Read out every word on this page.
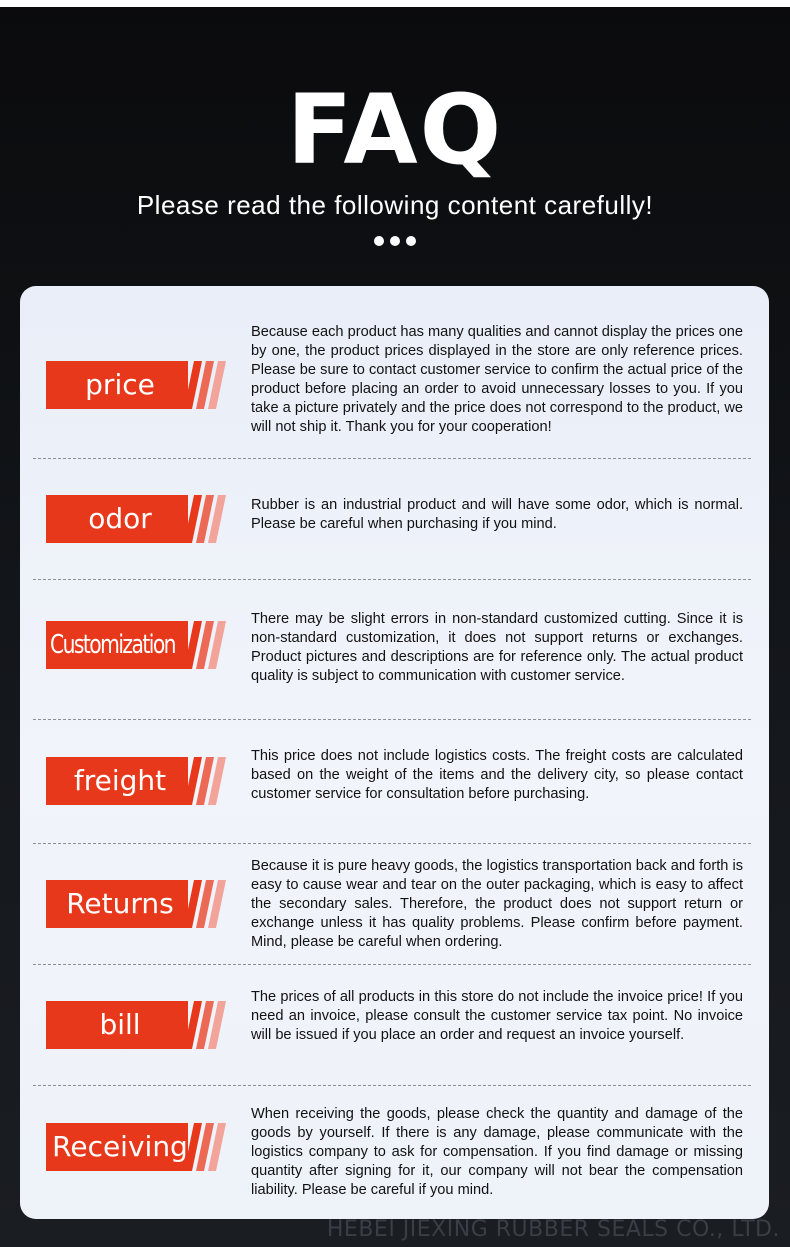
FAQ
Please read the following content carefully!

price
Because each product has many qualities and cannot display the prices one by one, the product prices displayed in the store are only reference prices. Please be sure to contact customer service to confirm the actual price of the product before placing an order to avoid unnecessary losses to you. If you take a picture privately and the price does not correspond to the product, we will not ship it. Thank you for your cooperation!
odor	Rubber is an industrial product and will have some odor, which is normal. Please be careful when purchasing if you mind.
Customization
There may be slight errors in non-standard customized cutting. Since it is non-standard customization, it does not support returns or exchanges. Product pictures and descriptions are for reference only. The actual product quality is subject to communication with customer service.
freight
This price does not include logistics costs. The freight costs are calculated based on the weight of the items and the delivery city, so please contact customer service for consultation before purchasing.
Returns
Because it is pure heavy goods, the logistics transportation back and forth is easy to cause wear and tear on the outer packaging, which is easy to affect the secondary sales. Therefore, the product does not support return or exchange unless it has quality problems. Please confirm before payment. Mind, please be careful when ordering.
bill
The prices of all products in this store do not include the invoice price! If you need an invoice, please consult the customer service tax point. No invoice will be issued if you place an order and request an invoice yourself.
Receiving
When receiving the goods, please check the quantity and damage of the goods by yourself. If there is any damage, please communicate with the logistics company to ask for compensation. If you find damage or missing quantity after signing for it, our company will not bear the compensation liability. Please be careful if you mind.
HEBEI JIEXING RUBBER SEALS CO., LTD.
